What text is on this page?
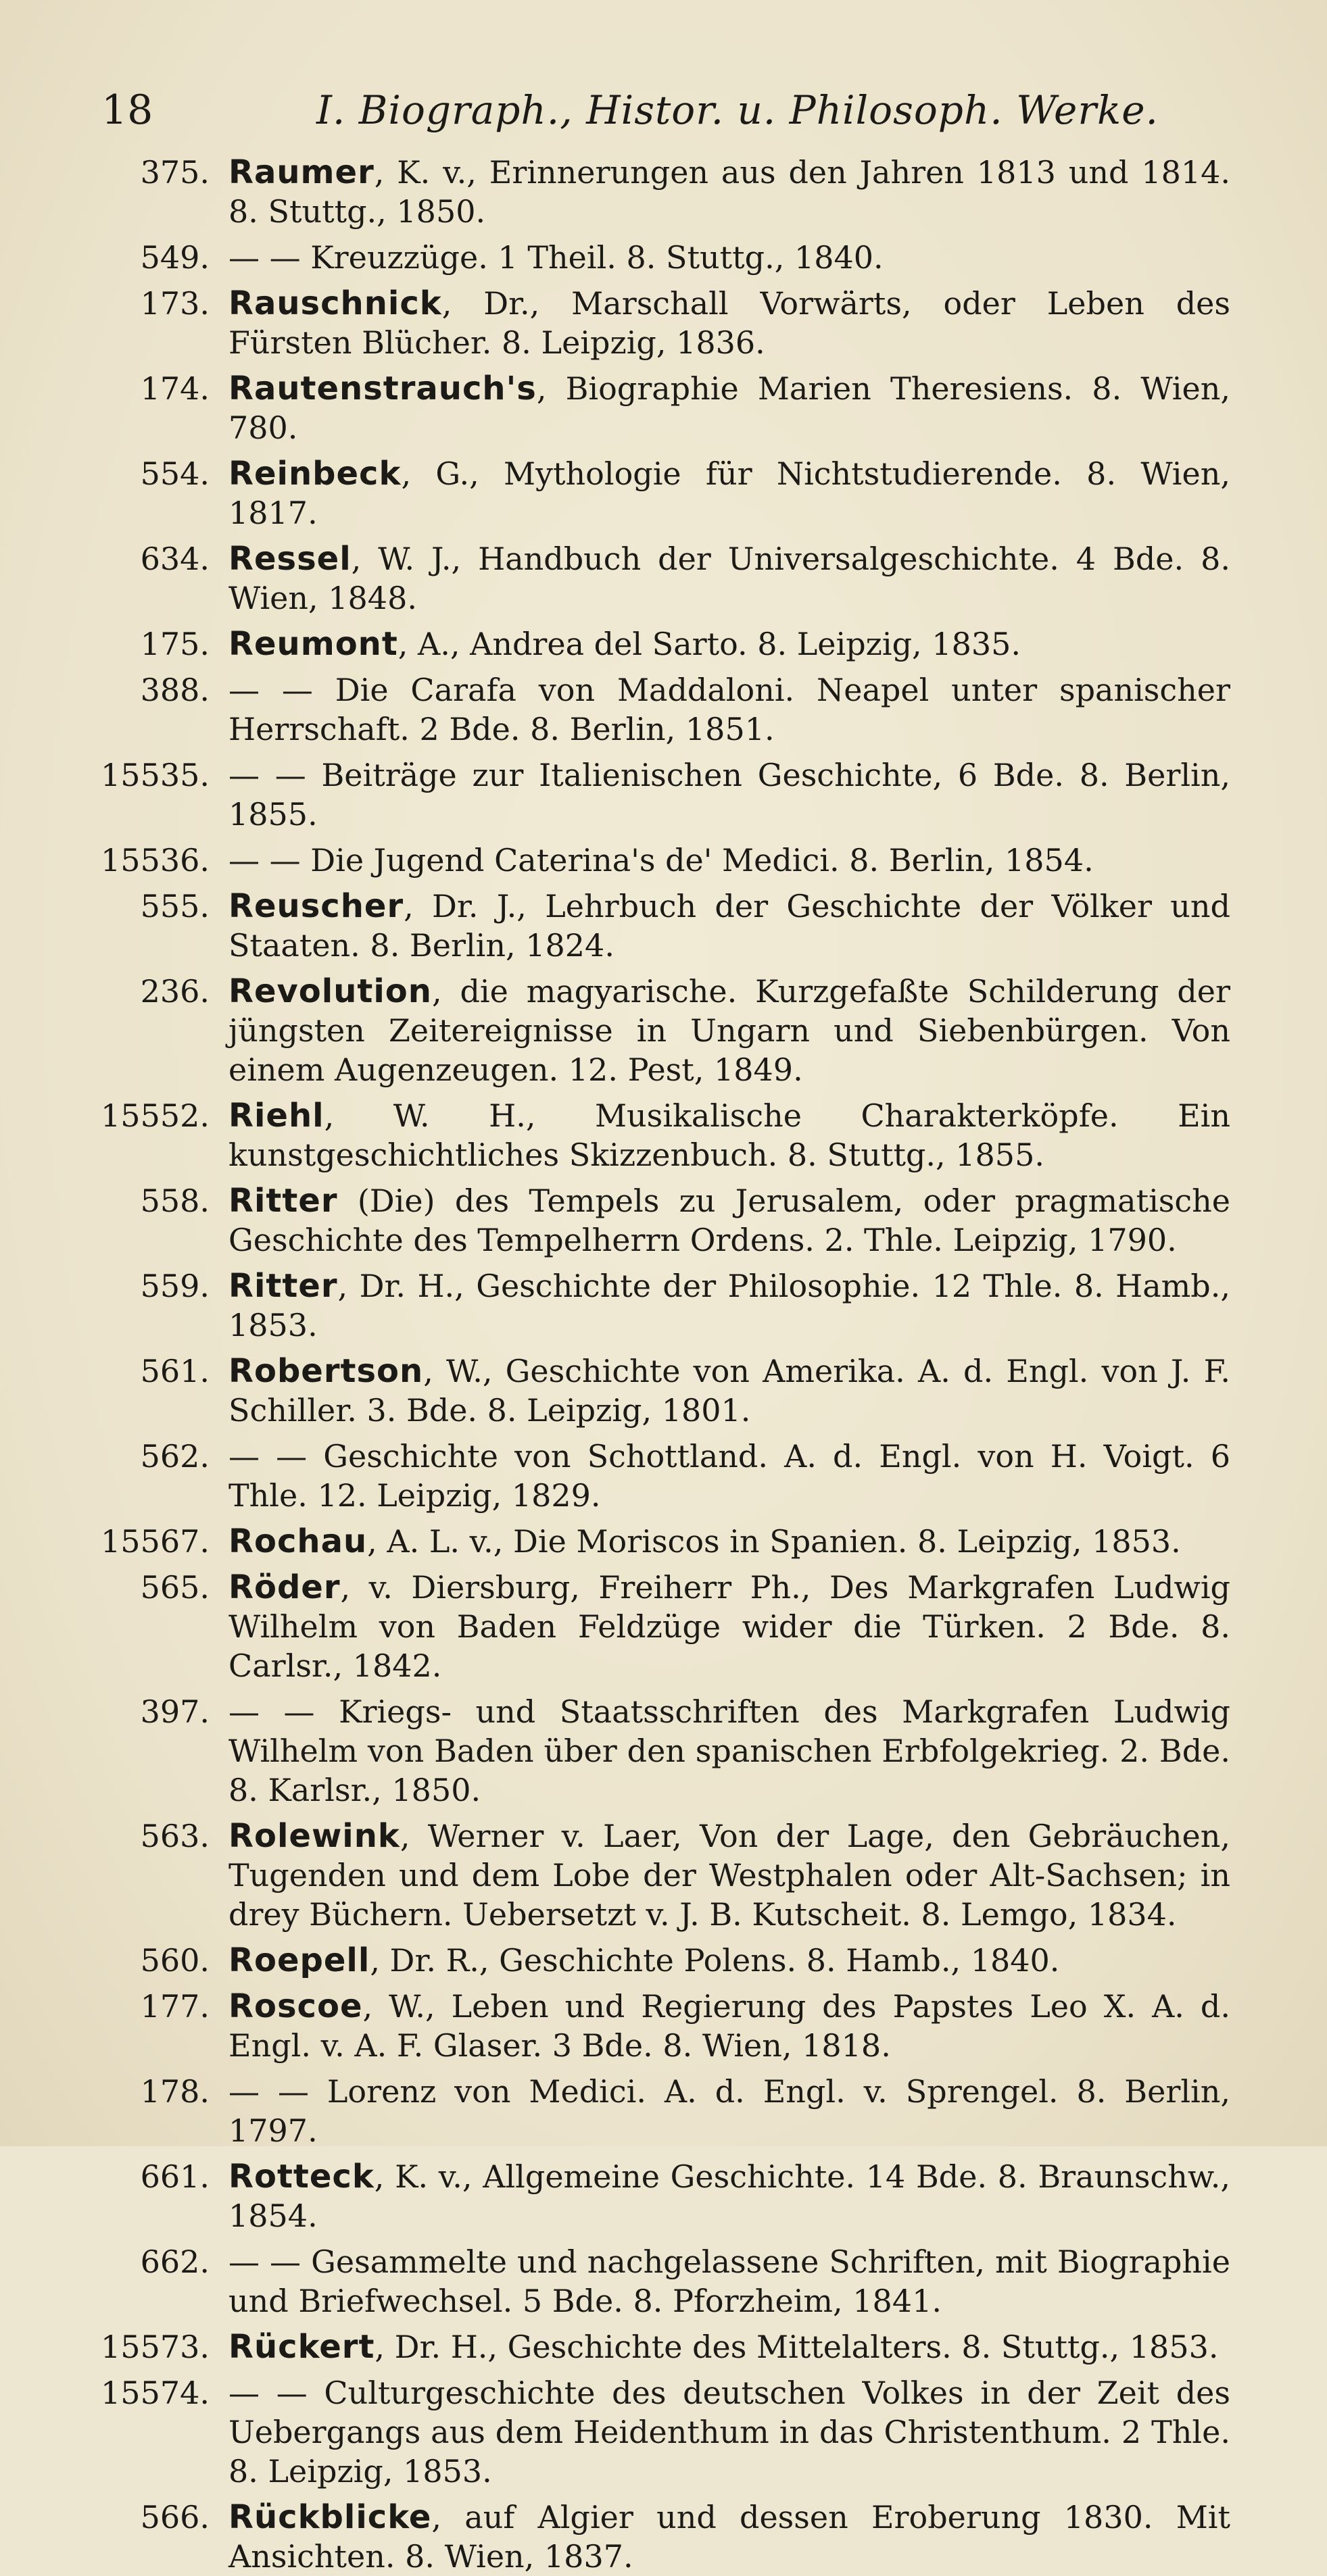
18	I. Biograph., Histor. u. Philosoph. Werke.
375. Raumer, K. v., Erinnerungen aus den Jahren 1813 und 1814. 8. Stuttg., 1850.
549. — — Kreuzzüge. 1 Theil. 8. Stuttg., 1840.
173. Rauschnick, Dr., Marschall Vorwärts, oder Leben des Fürsten Blücher. 8. Leipzig, 1836.
174. Rautenstrauch's, Biographie Marien Theresiens. 8. Wien, 780.
554. Reinbeck, G., Mythologie für Nichtstudierende. 8. Wien, 1817.
634. Ressel, W. J., Handbuch der Universalgeschichte. 4 Bde. 8. Wien, 1848.
175. Reumont, A., Andrea del Sarto. 8. Leipzig, 1835.
388. — — Die Carafa von Maddaloni. Neapel unter spanischer Herrschaft. 2 Bde. 8. Berlin, 1851.
15535. — — Beiträge zur Italienischen Geschichte, 6 Bde. 8. Berlin, 1855.
15536. — — Die Jugend Caterina's de' Medici. 8. Berlin, 1854.
555. Reuscher, Dr. J., Lehrbuch der Geschichte der Völker und Staaten. 8. Berlin, 1824.
236. Revolution, die magyarische. Kurzgefaßte Schilderung der jüngsten Zeitereignisse in Ungarn und Siebenbürgen. Von einem Augenzeugen. 12. Pest, 1849.
15552. Riehl, W. H., Musikalische Charakterköpfe. Ein kunstgeschichtliches Skizzenbuch. 8. Stuttg., 1855.
558. Ritter (Die) des Tempels zu Jerusalem, oder pragmatische Geschichte des Tempelherrn Ordens. 2. Thle. Leipzig, 1790.
559. Ritter, Dr. H., Geschichte der Philosophie. 12 Thle. 8. Hamb., 1853.
561. Robertson, W., Geschichte von Amerika. A. d. Engl. von J. F. Schiller. 3. Bde. 8. Leipzig, 1801.
562. — — Geschichte von Schottland. A. d. Engl. von H. Voigt. 6 Thle. 12. Leipzig, 1829.
15567. Rochau, A. L. v., Die Moriscos in Spanien. 8. Leipzig, 1853.
565. Röder, v. Diersburg, Freiherr Ph., Des Markgrafen Ludwig Wilhelm von Baden Feldzüge wider die Türken. 2 Bde. 8. Carlsr., 1842.
397. — — Kriegs- und Staatsschriften des Markgrafen Ludwig Wilhelm von Baden über den spanischen Erbfolgekrieg. 2. Bde. 8. Karlsr., 1850.
563. Rolewink, Werner v. Laer, Von der Lage, den Gebräuchen, Tugenden und dem Lobe der Westphalen oder Alt-Sachsen; in drey Büchern. Uebersetzt v. J. B. Kutscheit. 8. Lemgo, 1834.
560. Roepell, Dr. R., Geschichte Polens. 8. Hamb., 1840.
177. Roscoe, W., Leben und Regierung des Papstes Leo X. A. d. Engl. v. A. F. Glaser. 3 Bde. 8. Wien, 1818.
178. — — Lorenz von Medici. A. d. Engl. v. Sprengel. 8. Berlin, 1797.
661. Rotteck, K. v., Allgemeine Geschichte. 14 Bde. 8. Braunschw., 1854.
662. — — Gesammelte und nachgelassene Schriften, mit Biographie und Briefwechsel. 5 Bde. 8. Pforzheim, 1841.
15573. Rückert, Dr. H., Geschichte des Mittelalters. 8. Stuttg., 1853.
15574. — — Culturgeschichte des deutschen Volkes in der Zeit des Uebergangs aus dem Heidenthum in das Christenthum. 2 Thle. 8. Leipzig, 1853.
566. Rückblicke, auf Algier und dessen Eroberung 1830. Mit Ansichten. 8. Wien, 1837.
